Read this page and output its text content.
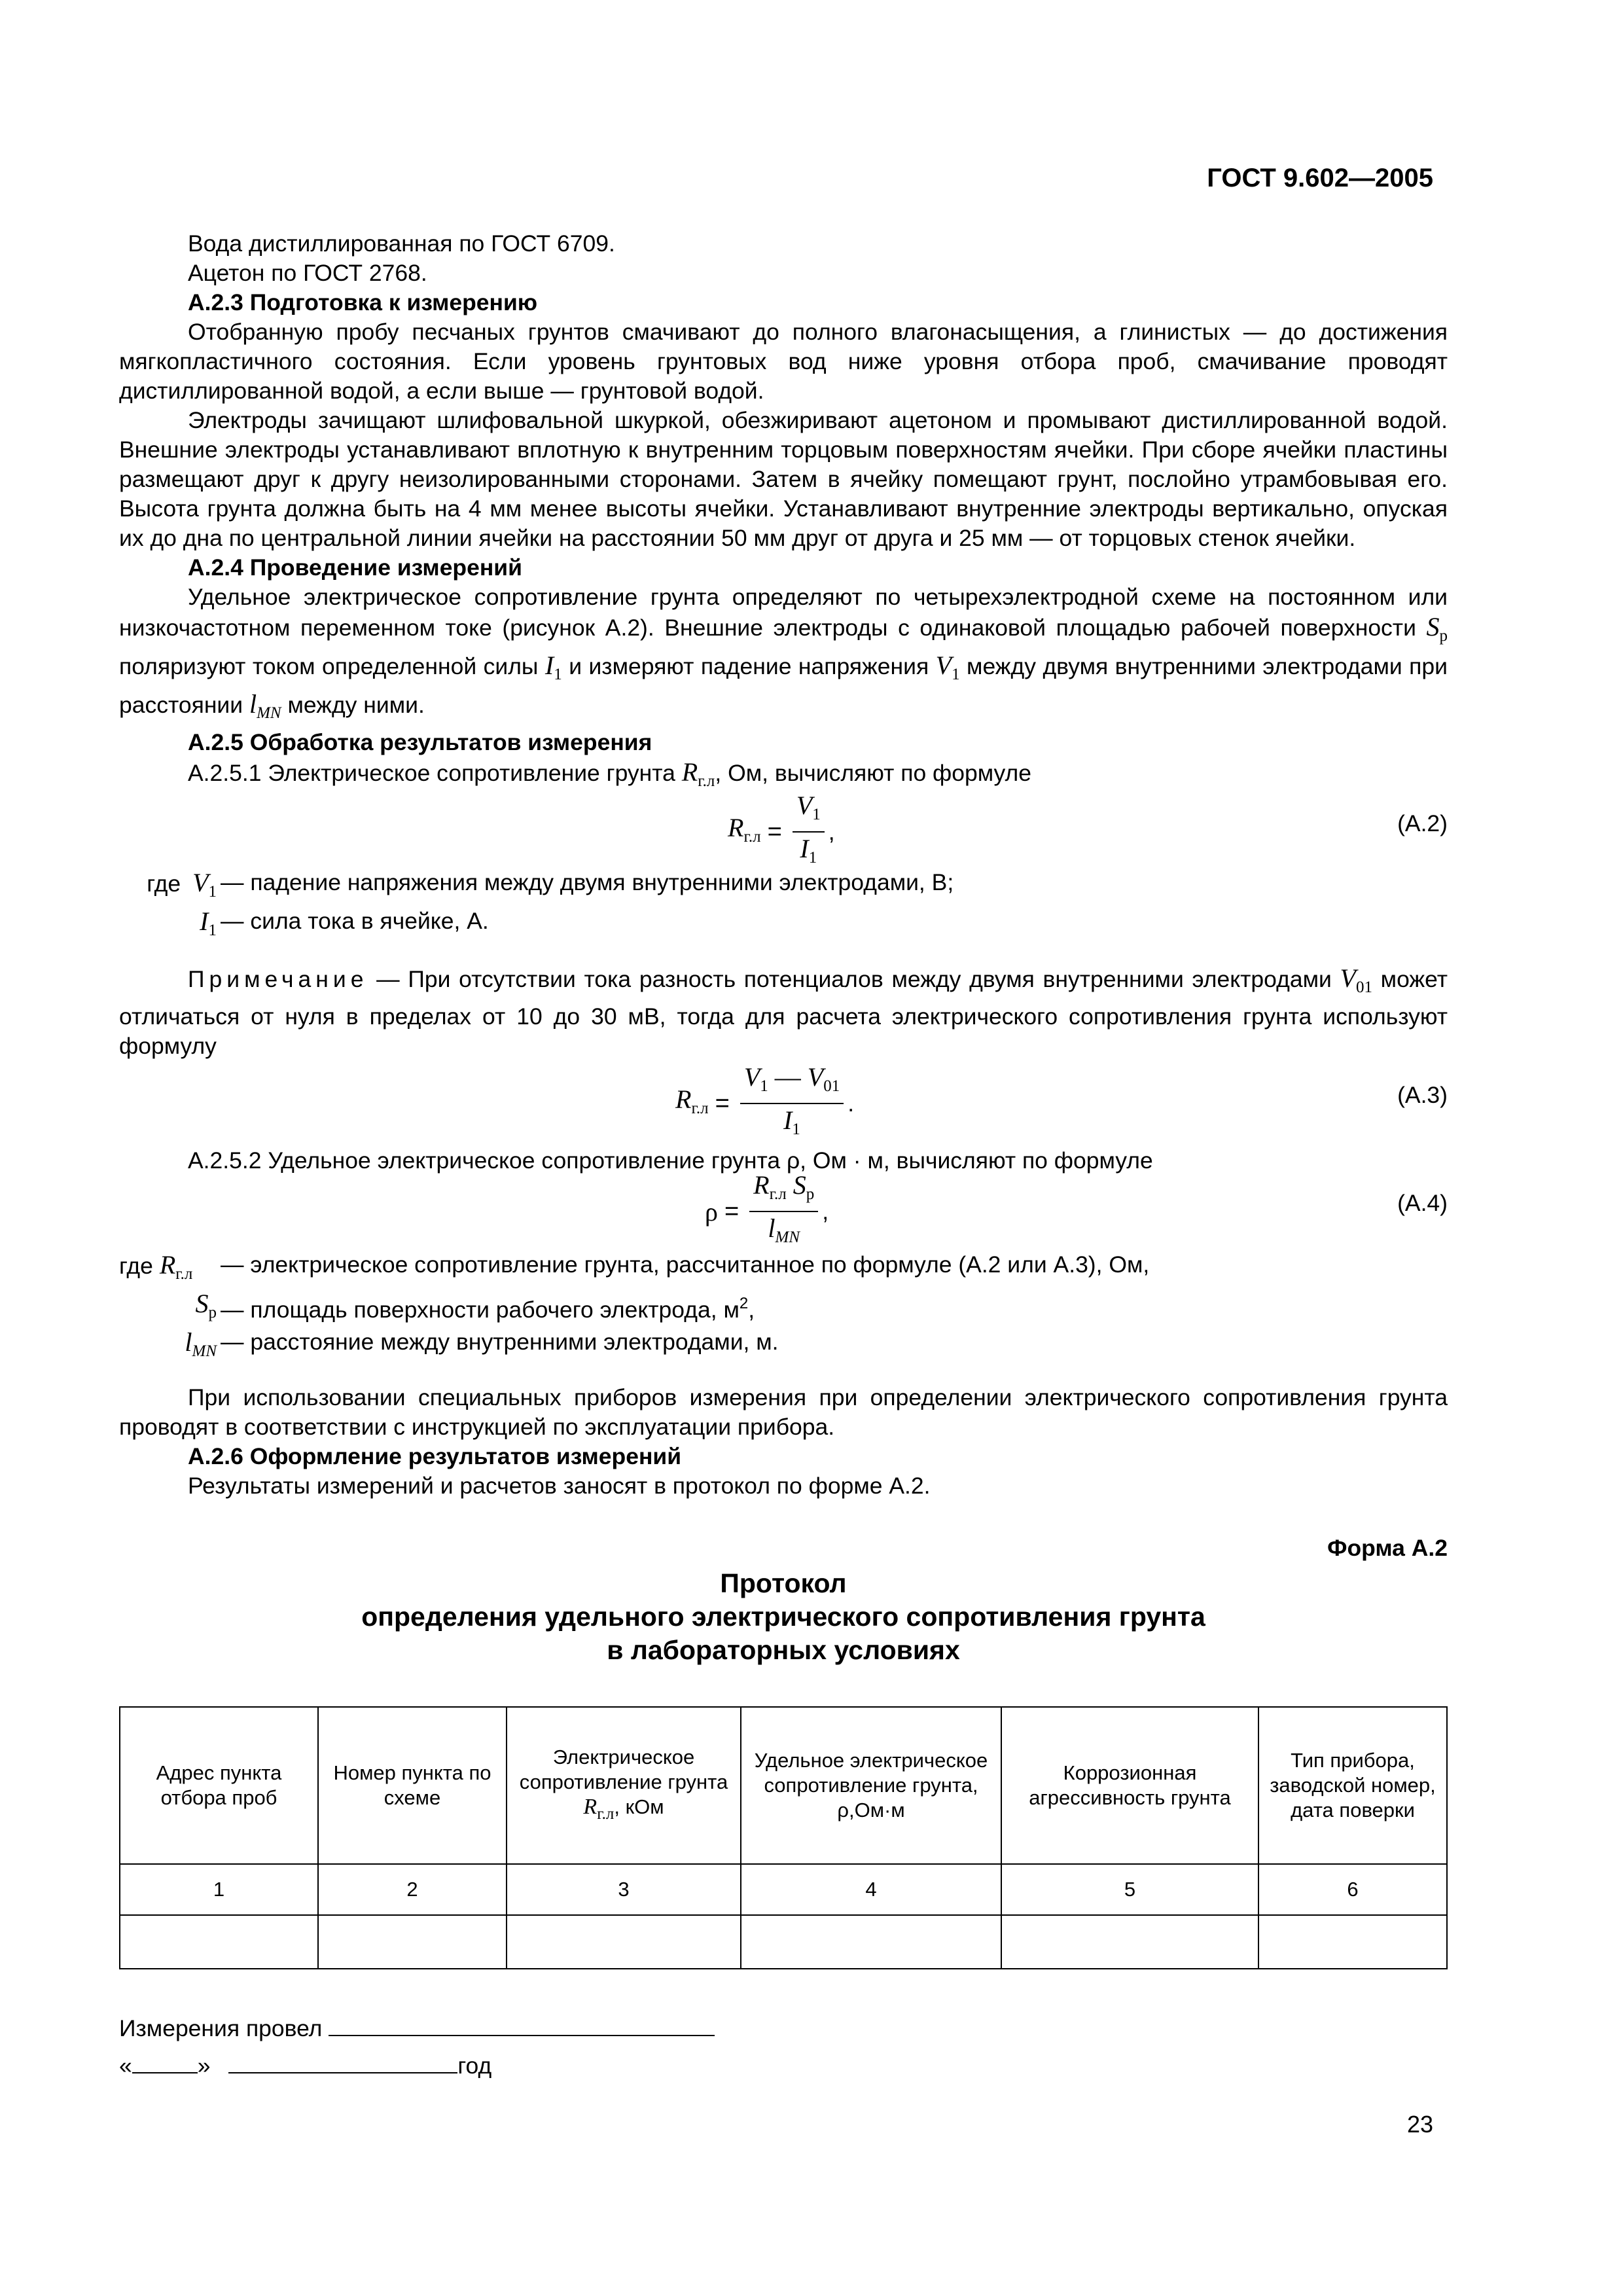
ГОСТ 9.602—2005

Вода дистиллированная по ГОСТ 6709.

Ацетон по ГОСТ 2768.

А.2.3 Подготовка к измерению

Отобранную пробу песчаных грунтов смачивают до полного влагонасыщения, а глинистых — до достижения мягкопластичного состояния. Если уровень грунтовых вод ниже уровня отбора проб, смачивание проводят дистиллированной водой, а если выше — грунтовой водой.

Электроды зачищают шлифовальной шкуркой, обезжиривают ацетоном и промывают дистиллированной водой. Внешние электроды устанавливают вплотную к внутренним торцовым поверхностям ячейки. При сборе ячейки пластины размещают друг к другу неизолированными сторонами. Затем в ячейку помещают грунт, послойно утрамбовывая его. Высота грунта должна быть на 4 мм менее высоты ячейки. Устанавливают внутренние электроды вертикально, опуская их до дна по центральной линии ячейки на расстоянии 50 мм друг от друга и 25 мм — от торцовых стенок ячейки.

А.2.4 Проведение измерений

Удельное электрическое сопротивление грунта определяют по четырехэлектродной схеме на постоянном или низкочастотном переменном токе (рисунок А.2). Внешние электроды с одинаковой площадью рабочей поверхности $S_р$ поляризуют током определенной силы $I_1$ и измеряют падение напряжения $V_1$ между двумя внутренними электродами при расстоянии $l_{MN}$ между ними.

А.2.5 Обработка результатов измерения

А.2.5.1 Электрическое сопротивление грунта $R_{г.л}$, Ом, вычисляют по формуле

$R_{г.л} = \frac{V_1}{I_1}$ ,	(А.2)
где $V_1$ — падение напряжения между двумя внутренними электродами, В;
$I_1$ — сила тока в ячейке, А.

Примечание — При отсутствии тока разность потенциалов между двумя внутренними электродами $V_{01}$ может отличаться от нуля в пределах от 10 до 30 мВ, тогда для расчета электрического сопротивления грунта используют формулу

$R_{г.л} = \frac{V_1 — V_{01}}{I_1}$ .	(А.3)

А.2.5.2 Удельное электрическое сопротивление грунта ρ, Ом · м, вычисляют по формуле

$\rho = \frac{R_{г.л} S_р}{l_{MN}}$ ,	(А.4)
где $R_{г.л}$	— электрическое сопротивление грунта, рассчитанное по формуле (А.2 или А.3), Ом,
$S_р$ — площадь поверхности рабочего электрода, $м^2$,
$l_{MN}$ — расстояние между внутренними электродами, м.

При использовании специальных приборов измерения при определении электрического сопротивления грунта проводят в соответствии с инструкцией по эксплуатации прибора.

А.2.6 Оформление результатов измерений

Результаты измерений и расчетов заносят в протокол по форме А.2.

Форма А.2
Протокол
определения удельного электрического сопротивления грунта
в лабораторных условиях
Адрес пункта отбора проб	Номер пункта по схеме	Электрическое сопротивление грунта
$R_{г.л}$, кОм	Удельное электрическое сопротивление грунта, ρ,Ом·м	Коррозионная агрессивность грунта	Тип прибора, заводской номер, дата поверки
1	2	3	4	5	6

Измерения провел
«	»	год
23
